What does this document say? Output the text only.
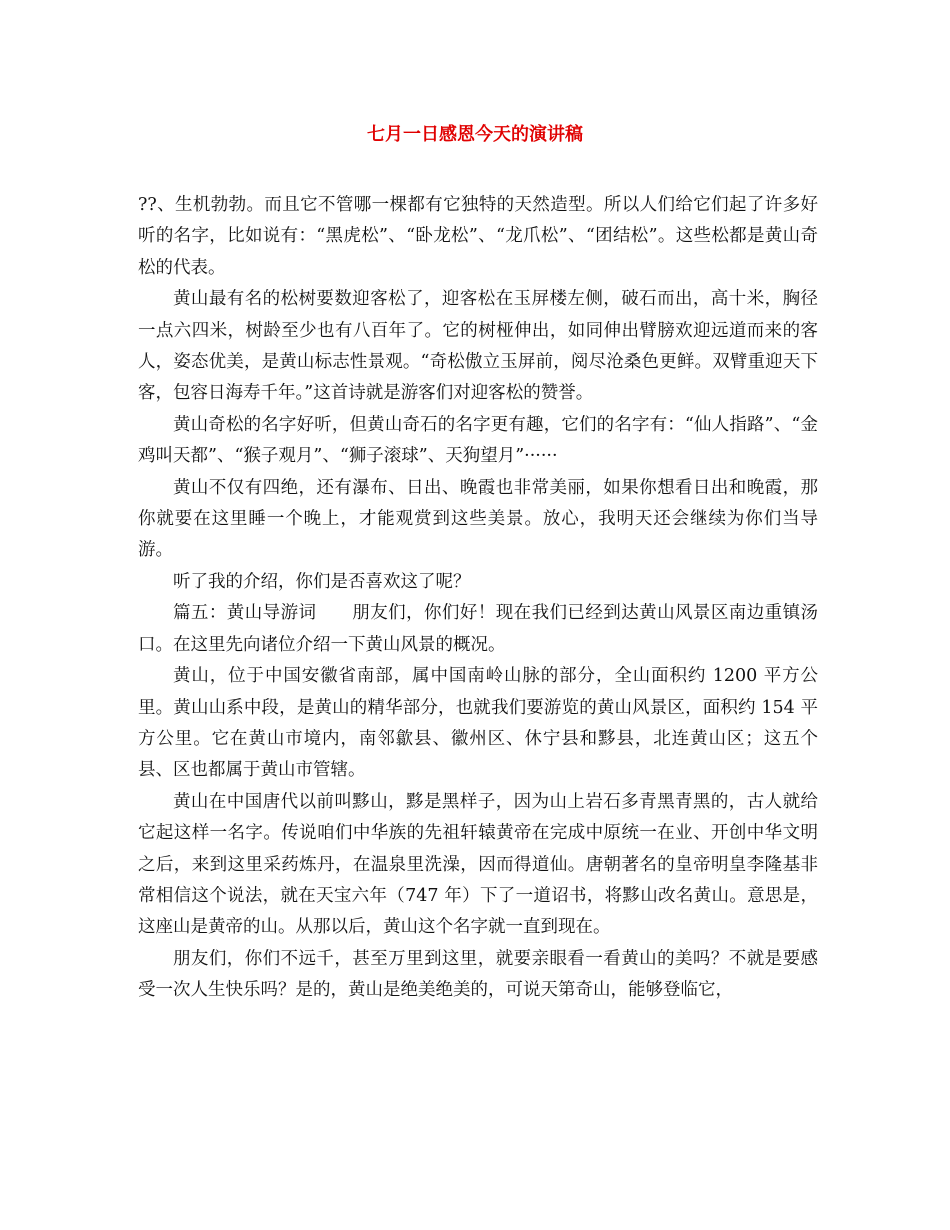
七月一日感恩今天的演讲稿

??、生机勃勃。而且它不管哪一棵都有它独特的天然造型。所以人们给它们起了许多好听的名字，比如说有：“黑虎松”、“卧龙松”、“龙爪松”、“团结松”。这些松都是黄山奇松的代表。

黄山最有名的松树要数迎客松了，迎客松在玉屏楼左侧，破石而出，高十米，胸径一点六四米，树龄至少也有八百年了。它的树桠伸出，如同伸出臂膀欢迎远道而来的客人，姿态优美，是黄山标志性景观。“奇松傲立玉屏前，阅尽沧桑色更鲜。双臂重迎天下客，包容日海寿千年。”这首诗就是游客们对迎客松的赞誉。

黄山奇松的名字好听，但黄山奇石的名字更有趣，它们的名字有：“仙人指路”、“金鸡叫天都”、“猴子观月”、“狮子滚球”、天狗望月”······

黄山不仅有四绝，还有瀑布、日出、晚霞也非常美丽，如果你想看日出和晚霞，那你就要在这里睡一个晚上，才能观赏到这些美景。放心，我明天还会继续为你们当导游。

听了我的介绍，你们是否喜欢这了呢？

篇五：黄山导游词　　朋友们，你们好！现在我们已经到达黄山风景区南边重镇汤口。在这里先向诸位介绍一下黄山风景的概况。

黄山，位于中国安徽省南部，属中国南岭山脉的部分，全山面积约 1200 平方公里。黄山山系中段，是黄山的精华部分，也就我们要游览的黄山风景区，面积约 154 平方公里。它在黄山市境内，南邻歙县、徽州区、休宁县和黟县，北连黄山区；这五个县、区也都属于黄山市管辖。

黄山在中国唐代以前叫黟山，黟是黑样子，因为山上岩石多青黑青黑的，古人就给它起这样一名字。传说咱们中华族的先祖轩辕黄帝在完成中原统一在业、开创中华文明之后，来到这里采药炼丹，在温泉里洗澡，因而得道仙。唐朝著名的皇帝明皇李隆基非常相信这个说法，就在天宝六年（747 年）下了一道诏书，将黟山改名黄山。意思是，这座山是黄帝的山。从那以后，黄山这个名字就一直到现在。

朋友们，你们不远千，甚至万里到这里，就要亲眼看一看黄山的美吗？不就是要感受一次人生快乐吗？是的，黄山是绝美绝美的，可说天第奇山，能够登临它，
